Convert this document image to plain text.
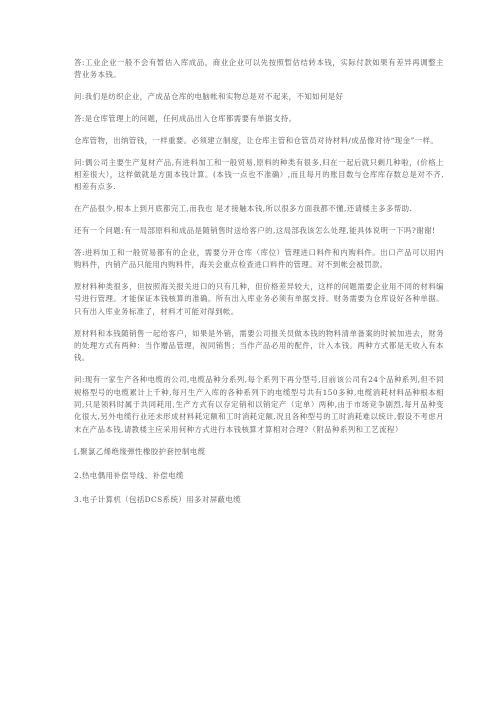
答:工业企业一般不会有暂估入库成品，商业企业可以先按照暂估结转本钱，实际付款如果有差异再调整主营业务本钱。

问:我们是纺织企业，产成品仓库的电脑帐和实物总是对不起来，不知如何是好

答:是仓库管理上的问题，任何成品出入仓库都需要有单据支持。

仓库管物，出纳管钱，一样重要。必须建立制度，让仓库主管和仓管员对待材料/成品像对待“现金”一样。

问:偶公司主要生产复材产品,有进料加工和一般贸易,原料的种类有很多,归在一起后就只剩几种啦，(价格上相差很大），这样做就是方面本钱计算。(本钱一点也不准确）,而且每月的账目数与仓库库存数总是对不齐,相差有点多.

在产品很少,根本上到月底都完工,而我也 是才接触本钱,所以很多方面我都不懂,还请楼主多多帮助.

还有一个问题:有一局部原料和成品是随销售时送给客户的,这局部我该怎么处理,能具体说明一下吗?谢谢!

答:进料加工和一般贸易都有的企业，需要分开仓库（库位）管理进口料件和内购料件。出口产品可以用内购料件，内销产品只能用内购料件，海关会重点检查进口料件的管理。对不到帐会被罚款。

原材料种类很多，但按照海关报关进口的只有几种，但价格差异较大，这样的问题需要企业用不同的材料编号进行管理。才能保证本钱核算的准确。所有出入库业务必须有单据支持。财务需要为仓库设好各种单据。只有出入库业务标准了，材料才可能对得到帐。

原材料和本钱随销售一起给客户，如果是外销，需要公司报关员做本钱的物料清单备案的时候加进去，财务的处理方式有两种：当作赠品管理，视同销售；当作产品必用的配件，计入本钱。两种方式都是无收入有本钱。

问:现有一家生产各种电缆的公司,电缆品种分系列,每个系列下再分型号,目前该公司有24个品种系列,但不同规格型号的电缆累计上千种,每月生产入库的各种系列下的电缆型号共有150多种,电缆消耗材料品种根本相同,只是领料时属于共同耗用,生产方式有以存定销和以销定产（定单）两种,由于市场竞争剧烈,每月品种变化很大,另外电缆行业还未形成材料耗定额和工时消耗定额,况且各种型号的工时消耗难以统计,假设不考虑月末在产品本钱,请教楼主应采用何种方式进行本钱核算才算相对合理?（附品种系列和工艺流程）

[,聚氯乙烯绝缘弹性橡胶护套控制电缆

2.热电偶用补偿导线、补偿电缆

3.电子计算机（包括DCS系统）用多对屏蔽电缆
